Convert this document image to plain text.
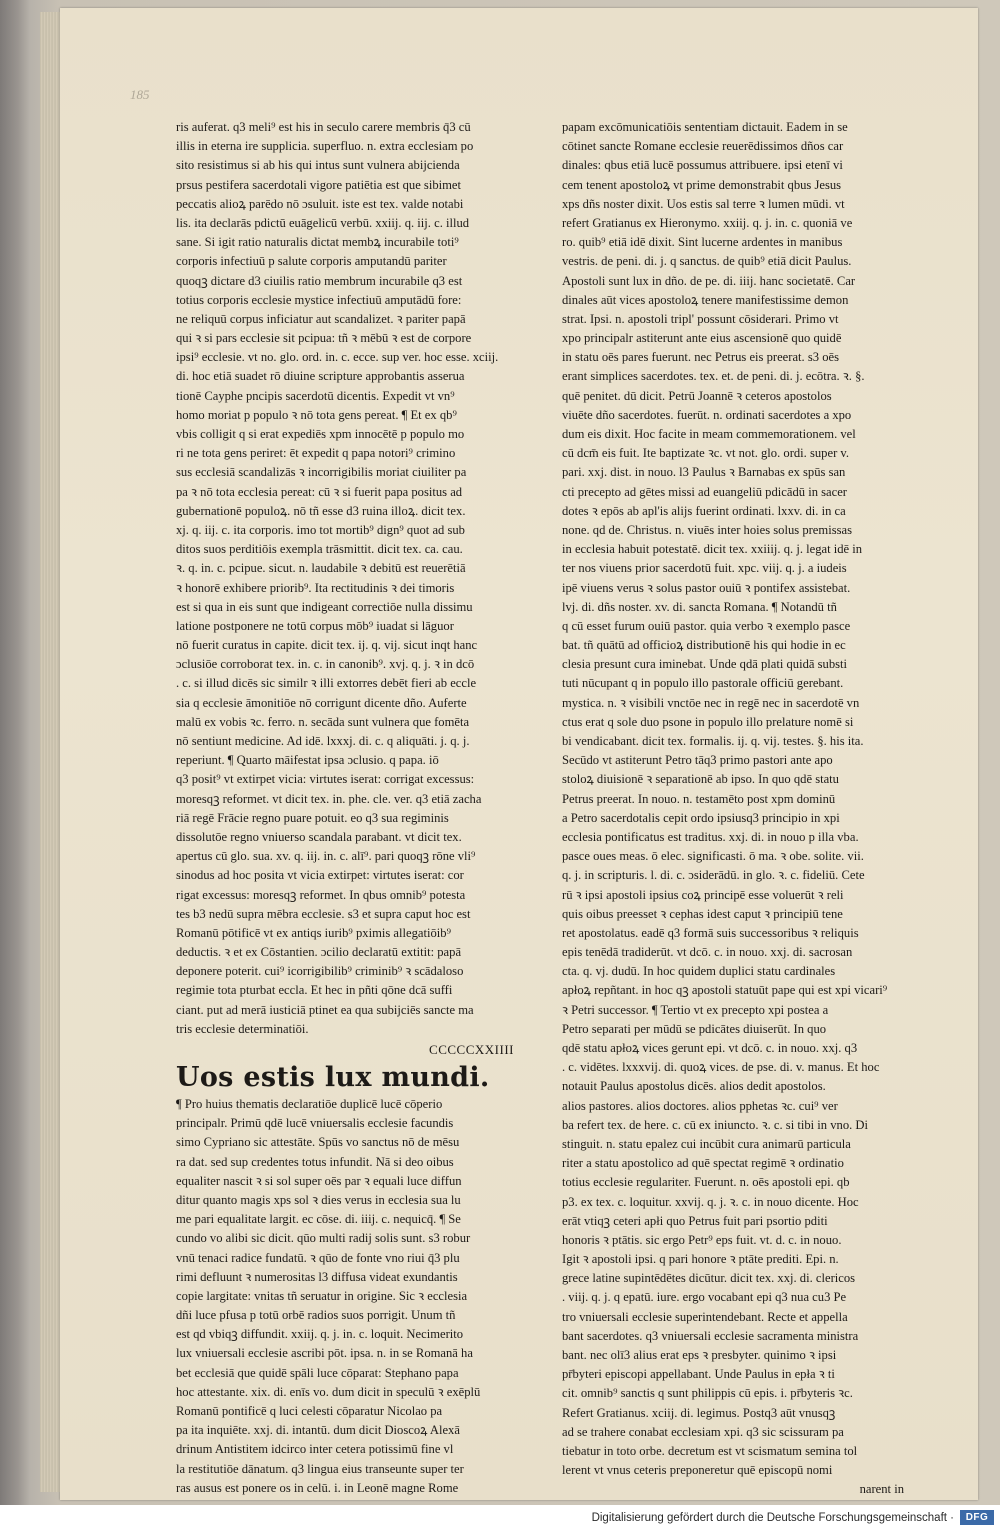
185
ris auferat. q3 meli⁹ est his in seculo carere membris q̄3 cū
illis in eterna ire supplicia. superfluo. n. extra ecclesiam po
sito resistimus si ab his qui intus sunt vulnera abijcienda
prsus pestifera sacerdotali vigore patiētia est que sibimet
peccatis alioꝝ parēdo nō ɔsuluit. iste est tex. valde notabi
lis. ita declarās pdictū euāgelicū verbū. xxiij. q. iij. c. illud
sane. Si igit ratio naturalis dictat membꝝ incurabile toti⁹
corporis infectiuū p salute corporis amputandū pariter
quoqꝫ dictare d3 ciuilis ratio membrum incurabile q3 est
totius corporis ecclesie mystice infectiuū amputādū fore:
ne reliquū corpus inficiatur aut scandalizet. ꝛ pariter papā
qui ꝛ si pars ecclesie sit pcipua: tñ ꝛ mēbū ꝛ est de corpore
ipsi⁹ ecclesie. vt no. glo. ord. in. c. ecce. sup ver. hoc esse. xciij.
di. hoc etiā suadet rō diuine scripture approbantis asserua
tionē Cayphe pncipis sacerdotū dicentis. Expedit vt vn⁹
homo moriat p populo ꝛ nō tota gens pereat. ¶ Et ex qb⁹
vbis colligit q si erat expediēs xpm innocētē p populo mo
ri ne tota gens periret: ēt expedit q papa notori⁹ crimino
sus ecclesiā scandalizās ꝛ incorrigibilis moriat ciuiliter pa
pa ꝛ nō tota ecclesia pereat: cū ꝛ si fuerit papa positus ad
gubernationē populoꝝ. nō tñ esse d3 ruina illoꝝ. dicit tex.
xj. q. iij. c. ita corporis. imo tot mortib⁹ dign⁹ quot ad sub
ditos suos perditiōis exempla trāsmittit. dicit tex. ca. cau.
ꝛ. q. in. c. pcipue. sicut. n. laudabile ꝛ debitū est reuerētiā
ꝛ honorē exhibere priorib⁹. Ita rectitudinis ꝛ dei timoris
est si qua in eis sunt que indigeant correctiōe nulla dissimu
latione postponere ne totū corpus mōb⁹ iuadat si lāguor
nō fuerit curatus in capite. dicit tex. ij. q. vij. sicut inqt hanc
ɔclusiōe corroborat tex. in. c. in canonib⁹. xvj. q. j. ꝛ in dcō
. c. si illud dicēs sic similr ꝛ illi extorres debēt fieri ab eccle
sia q ecclesie āmonitiōe nō corrigunt dicente dño. Auferte
malū ex vobis ꝛc. ferro. n. secāda sunt vulnera que fomēta
nō sentiunt medicine. Ad idē. lxxxj. di. c. q aliquāti. j. q. j.
reperiunt. ¶ Quarto māifestat ipsa ɔclusio. q papa. iō
q3 posit⁹ vt extirpet vicia: virtutes iserat: corrigat excessus:
moresqꝫ reformet. vt dicit tex. in. phe. cle. ver. q3 etiā zacha
riā regē Frācie regno puare potuit. eo q3 sua regiminis
dissolutōe regno vniuerso scandala parabant. vt dicit tex.
apertus cū glo. sua. xv. q. iij. in. c. alī⁹. pari quoqꝫ rōne vli⁹
sinodus ad hoc posita vt vicia extirpet: virtutes iserat: cor
rigat excessus: moresqꝫ reformet. In qbus omnib⁹ potesta
tes b3 nedū supra mēbra ecclesie. s3 et supra caput hoc est
Romanū pōtificē vt ex antiqs iurib⁹ pximis allegatiōib⁹
deductis. ꝛ et ex Cōstantien. ɔcilio declaratū extitit: papā
deponere poterit. cui⁹ icorrigibilib⁹ criminib⁹ ꝛ scādaloso
regimie tota pturbat eccla. Et hec in pñti qōne dcā suffi
ciant. put ad merā iusticiā ptinet ea qua subijciēs sancte ma
tris ecclesie determinatiōi.
CCCCCXXIIII
Uos estis lux mundi.
¶ Pro huius thematis declaratiōe duplicē lucē cōperio
principalr. Primū qdē lucē vniuersalis ecclesie facundis
simo Cypriano sic attestāte. Spūs vo sanctus nō de mēsu
ra dat. sed sup credentes totus infundit. Nā si deo oibus
equaliter nascit ꝛ si sol super oēs par ꝛ equali luce diffun
ditur quanto magis xps sol ꝛ dies verus in ecclesia sua lu
me pari equalitate largit. ec cōse. di. iiij. c. nequicq̄. ¶ Se
cundo vo alibi sic dicit. qūo multi radij solis sunt. s3 robur
vnū tenaci radice fundatū. ꝛ qūo de fonte vno riui q̄3 plu
rimi defluunt ꝛ numerositas l3 diffusa videat exundantis
copie largitate: vnitas tñ seruatur in origine. Sic ꝛ ecclesia
dñi luce pfusa p totū orbē radios suos porrigit. Unum tñ
est qd vbiqꝫ diffundit. xxiij. q. j. in. c. loquit. Necimerito
lux vniuersali ecclesie ascribi pōt. ipsa. n. in se Romanā ha
bet ecclesiā que quidē spāli luce cōparat: Stephano papa
hoc attestante. xix. di. enīs vo. dum dicit in speculū ꝛ exēplū
Romanū pontificē q luci celesti cōparatur Nicolao pa
pa ita inquiēte. xxj. di. intantū. dum dicit Dioscoꝝ Alexā
drinum Antistitem idcirco inter cetera potissimū fine vl
la restitutiōe dānatum. q3 lingua eius transeunte super ter
ras ausus est ponere os in celū. i. in Leonē magne Rome
papam excōmunicatiōis sententiam dictauit. Eadem in se
cōtinet sancte Romane ecclesie reuerēdissimos dños car
dinales: qbus etiā lucē possumus attribuere. ipsi etenī vi
cem tenent apostoloꝝ vt prime demonstrabit qbus Jesus
xps dñs noster dixit. Uos estis sal terre ꝛ lumen mūdi. vt
refert Gratianus ex Hieronymo. xxiij. q. j. in. c. quoniā ve
ro. quib⁹ etiā idē dixit. Sint lucerne ardentes in manibus
vestris. de peni. di. j. q sanctus. de quib⁹ etiā dicit Paulus.
Apostoli sunt lux in dño. de pe. di. iiij. hanc societatē. Car
dinales aūt vices apostoloꝝ tenere manifestissime demon
strat. Ipsi. n. apostoli tripl' possunt cōsiderari. Primo vt
xpo principalr astiterunt ante eius ascensionē quo quidē
in statu oēs pares fuerunt. nec Petrus eis preerat. s3 oēs
erant simplices sacerdotes. tex. et. de peni. di. j. ecōtra. ꝛ. §.
quē penitet. dū dicit. Petrū Joannē ꝛ ceteros apostolos
viuēte dño sacerdotes. fuerūt. n. ordinati sacerdotes a xpo
dum eis dixit. Hoc facite in meam commemorationem. vel
cū dcm̄ eis fuit. Ite baptizate ꝛc. vt not. glo. ordi. super v.
pari. xxj. dist. in nouo. l3 Paulus ꝛ Barnabas ex spūs san
cti precepto ad gētes missi ad euangeliū pdicādū in sacer
dotes ꝛ epōs ab apl'is alijs fuerint ordinati. lxxv. di. in ca
none. qd de. Christus. n. viuēs inter hoies solus premissas
in ecclesia habuit potestatē. dicit tex. xxiiij. q. j. legat idē in
ter nos viuens prior sacerdotū fuit. xpc. viij. q. j. a iudeis
ipē viuens verus ꝛ solus pastor ouiū ꝛ pontifex assistebat.
lvj. di. dñs noster. xv. di. sancta Romana. ¶ Notandū tñ
q cū esset furum ouiū pastor. quia verbo ꝛ exemplo pasce
bat. tñ quātū ad officioꝝ distributionē his qui hodie in ec
clesia presunt cura iminebat. Unde qdā plati quidā substi
tuti nūcupant q in populo illo pastorale officiū gerebant.
mystica. n. ꝛ visibili vnctōe nec in regē nec in sacerdotē vn
ctus erat q sole duo psone in populo illo prelature nomē si
bi vendicabant. dicit tex. formalis. ij. q. vij. testes. §. his ita.
Secūdo vt astiterunt Petro tāq3 primo pastori ante apo
stoloꝝ diuisionē ꝛ separationē ab ipso. In quo qdē statu
Petrus preerat. In nouo. n. testamēto post xpm dominū
a Petro sacerdotalis cepit ordo ipsiusq3 principio in xpi
ecclesia pontificatus est traditus. xxj. di. in nouo p illa vba.
pasce oues meas. ō elec. significasti. ō ma. ꝛ obe. solite. vii.
q. j. in scripturis. l. di. c. ɔsiderādū. in glo. ꝛ. c. fideliū. Cete
rū ꝛ ipsi apostoli ipsius coꝝ principē esse voluerūt ꝛ reli
quis oibus preesset ꝛ cephas idest caput ꝛ principiū tene
ret apostolatus. eadē q3 formā suis successoribus ꝛ reliquis
epis tenēdā tradiderūt. vt dcō. c. in nouo. xxj. di. sacrosan
cta. q. vj. dudū. In hoc quidem duplici statu cardinales
apłoꝝ repñtant. in hoc qꝫ apostoli statuūt pape qui est xpi vicari⁹
ꝛ Petri successor. ¶ Tertio vt ex precepto xpi postea a
Petro separati per mūdū se pdicātes diuiserūt. In quo
qdē statu apłoꝝ vices gerunt epi. vt dcō. c. in nouo. xxj. q3
. c. vidētes. lxxxvij. di. quoꝝ vices. de pse. di. v. manus. Et hoc
notauit Paulus apostolus dicēs. alios dedit apostolos.
alios pastores. alios doctores. alios pphetas ꝛc. cui⁹ ver
ba refert tex. de here. c. cū ex iniuncto. ꝛ. c. si tibi in vno. Di
stinguit. n. statu epalez cui incūbit cura animarū particula
riter a statu apostolico ad quē spectat regimē ꝛ ordinatio
totius ecclesie regulariter. Fuerunt. n. oēs apostoli epi. qb
p3. ex tex. c. loquitur. xxvij. q. j. ꝛ. c. in nouo dicente. Hoc
erāt vtiqꝫ ceteri apłi quo Petrus fuit pari psortio pditi
honoris ꝛ ptātis. sic ergo Petr⁹ eps fuit. vt. d. c. in nouo.
Igit ꝛ apostoli ipsi. q pari honore ꝛ ptāte prediti. Epi. n.
grece latine supintēdētes dicūtur. dicit tex. xxj. di. clericos
. viij. q. j. q epatū. iure. ergo vocabant epi q3 nua cu3 Pe
tro vniuersali ecclesie superintendebant. Recte et appella
bant sacerdotes. q3 vniuersali ecclesie sacramenta ministra
bant. nec olī3 alius erat eps ꝛ presbyter. quinimo ꝛ ipsi
pr̄byteri episcopi appellabant. Unde Paulus in epła ꝛ ti
cit. omnib⁹ sanctis q sunt philippis cū epis. i. pr̄byteris ꝛc.
Refert Gratianus. xciij. di. legimus. Postq3 aūt vnusqꝫ
ad se trahere conabat ecclesiam xpi. q3 sic scissuram pa
tiebatur in toto orbe. decretum est vt scismatum semina tol
lerent vt vnus ceteris preponeretur quē episcopū nomi
narent in
Digitalisierung gefördert durch die Deutsche Forschungsgemeinschaft ·	DFG
